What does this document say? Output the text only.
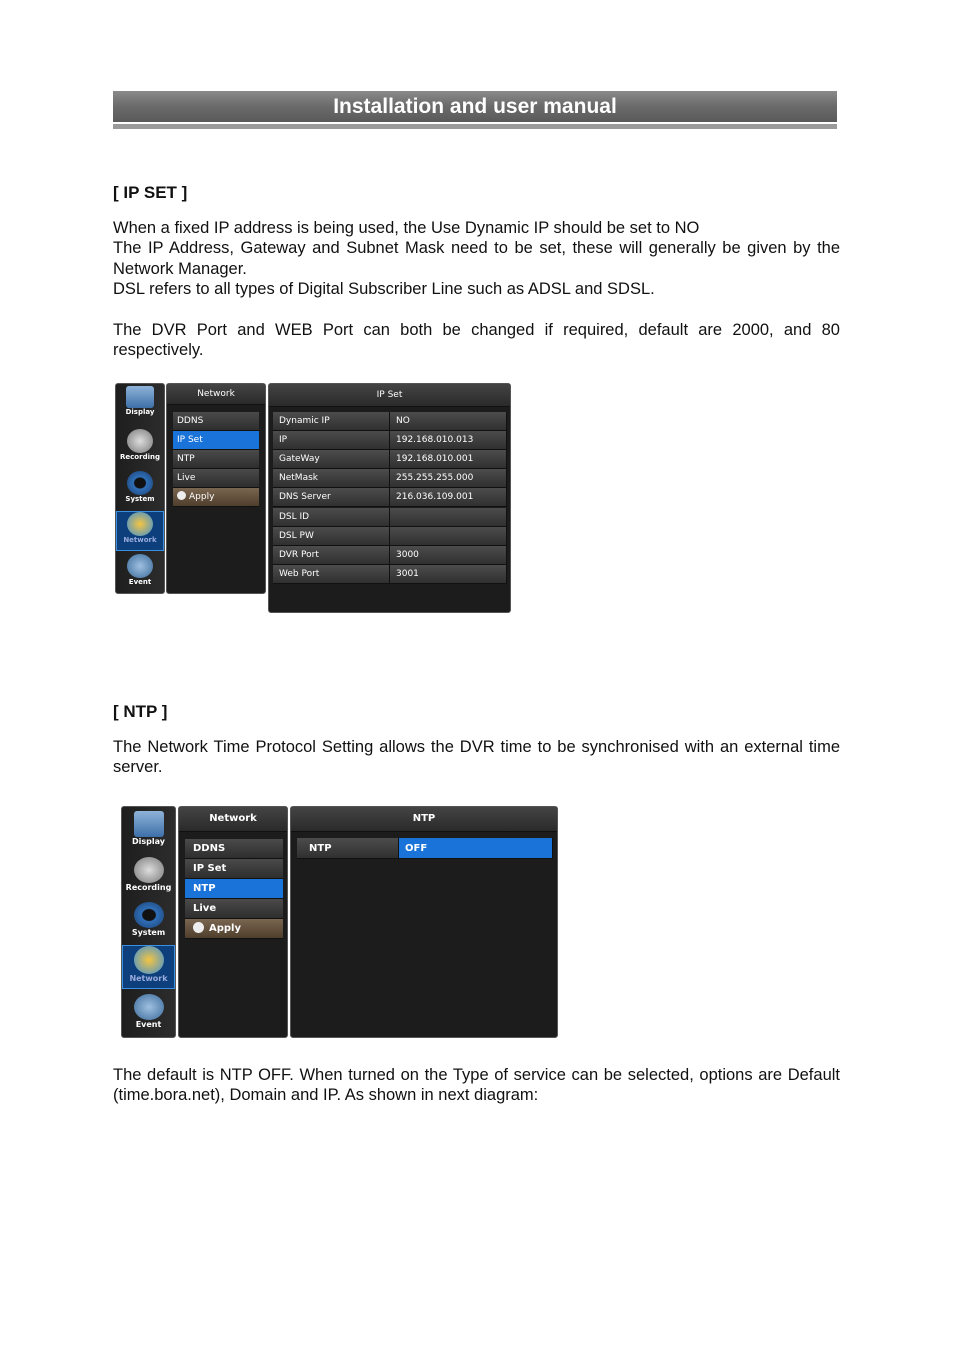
Installation and user manual
[ IP SET ]

When a fixed IP address is being used, the Use Dynamic IP should be set to NO

The IP Address, Gateway and Subnet Mask need to be set, these will generally be given by the Network Manager.

DSL refers to all types of Digital Subscriber Line such as ADSL and SDSL.

The DVR Port and WEB Port can both be changed if required, default are 2000, and 80 respectively.

Display
Recording
System
Network
Event
Network
DDNS
IP Set
NTP
Live
Apply
IP Set
Dynamic IP	NO
IP	192.168.010.013
GateWay	192.168.010.001
NetMask	255.255.255.000
DNS Server	216.036.109.001
DSL ID
DSL PW
DVR Port	3000
Web Port	3001
[ NTP ]
The Network Time Protocol Setting allows the DVR time to be synchronised with an external time server.
Display
Recording
System
Network
Event
Network
DDNS
IP Set
NTP
Live
Apply
NTP
NTP	OFF
The default is NTP OFF. When turned on the Type of service can be selected, options are Default (time.bora.net), Domain and IP. As shown in next diagram:
